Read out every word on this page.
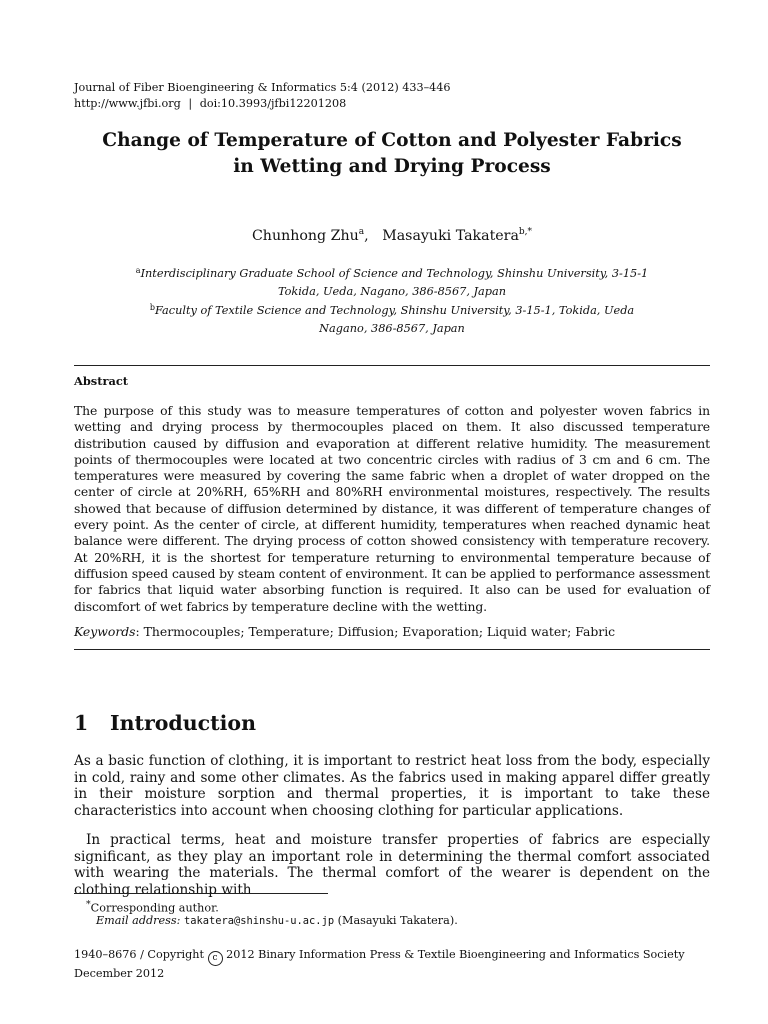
Journal of Fiber Bioengineering & Informatics 5:4 (2012) 433–446
http://www.jfbi.org | doi:10.3993/jfbi12201208
Change of Temperature of Cotton and Polyester Fabrics
in Wetting and Drying Process
Chunhong Zhu$^a$, Masayuki Takatera$^{b,*}$
$^a$Interdisciplinary Graduate School of Science and Technology, Shinshu University, 3-15-1
Tokida, Ueda, Nagano, 386-8567, Japan
$^b$Faculty of Textile Science and Technology, Shinshu University, 3-15-1, Tokida, Ueda
Nagano, 386-8567, Japan
Abstract
The purpose of this study was to measure temperatures of cotton and polyester woven fabrics in wetting and drying process by thermocouples placed on them. It also discussed temperature distribution caused by diffusion and evaporation at different relative humidity. The measurement points of thermocouples were located at two concentric circles with radius of 3 cm and 6 cm. The temperatures were measured by covering the same fabric when a droplet of water dropped on the center of circle at 20%RH, 65%RH and 80%RH environmental moistures, respectively. The results showed that because of diffusion determined by distance, it was different of temperature changes of every point. As the center of circle, at different humidity, temperatures when reached dynamic heat balance were different. The drying process of cotton showed consistency with temperature recovery. At 20%RH, it is the shortest for temperature returning to environmental temperature because of diffusion speed caused by steam content of environment. It can be applied to performance assessment for fabrics that liquid water absorbing function is required. It also can be used for evaluation of discomfort of wet fabrics by temperature decline with the wetting.
Keywords: Thermocouples; Temperature; Diffusion; Evaporation; Liquid water; Fabric
1 Introduction
As a basic function of clothing, it is important to restrict heat loss from the body, especially in cold, rainy and some other climates. As the fabrics used in making apparel differ greatly in their moisture sorption and thermal properties, it is important to take these characteristics into account when choosing clothing for particular applications.
In practical terms, heat and moisture transfer properties of fabrics are especially significant, as they play an important role in determining the thermal comfort associated with wearing the materials. The thermal comfort of the wearer is dependent on the clothing relationship with
*Corresponding author.
Email address: takatera@shinshu-u.ac.jp (Masayuki Takatera).
1940–8676 / Copyright c 2012 Binary Information Press & Textile Bioengineering and Informatics Society
December 2012
